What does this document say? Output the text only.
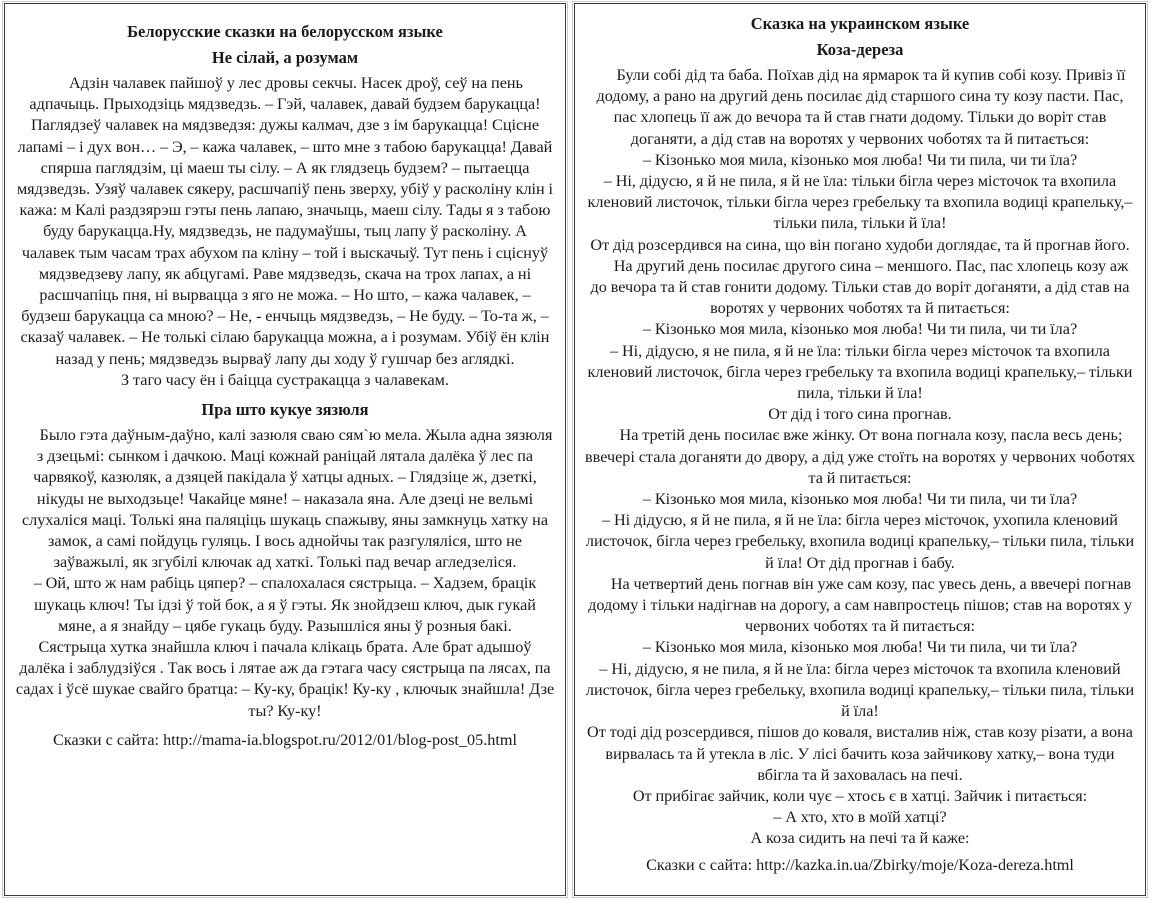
Белорусские сказки на белорусском языке
Не сілай, а розумам

Адзін чалавек пайшоў у лес дровы секчы. Насек дроў, сеў на пень адпачыць. Прыходзіць мядзведзь. – Гэй, чалавек, давай будзем барукацца! Паглядзеў чалавек на мядзведзя: дужы калмач, дзе з ім барукацца! Сціснe лапамі – і дух вон… – Э, – кажа чалавек, – што мне з табою барукацца! Давай спярша паглядзім, ці маеш ты сілу. – А як глядзець будзем? – пытаецца мядзведзь. Узяў чалавек сякеру, расшчапіў пень зверху, убіў у расколіну клін і кажа: м Калі раздзярэш гэты пень лапаю, значыць, маеш сілу. Тады я з табою буду барукацца.Ну, мядзведзь, не падумаўшы, тыц лапу ў расколіну. А чалавек тым часам трах абухом па кліну – той і выскачыў. Тут пень і сціснуў мядзведзеву лапу, як абцугамі. Раве мядзведзь, скача на трох лапах, а ні расшчапіць пня, ні вырвацца з яго не можа. – Но што, – кажа чалавек, – будзеш барукацца са мною? – Не, - енчыць мядзведзь, – Не буду. – То-та ж, – сказаў чалавек. – Не толькі сілаю барукацца можна, а і розумам. Убіў ён клін назад у пень; мядзведзь вырваў лапу ды ходу ў гушчар без аглядкі.

З таго часу ён і баіцца сустракацца з чалавекам.

Пра што кукуе зязюля

Было гэта даўным-даўно, калі зазюля сваю сям`ю мела. Жыла адна зязюля з дзецьмі: сынком і дачкою. Маці кожнай раніцай лятала далёка ў лес па чарвякоў, казюляк, а дзяцей пакідала ў хатцы адных. – Глядзіце ж, дзеткі, нікуды не выходзьце! Чакайце мяне! – наказала яна. Але дзеці не вельмі слухаліся маці. Толькі яна паляціць шукаць спажыву, яны замкнуць хатку на замок, а самі пойдуць гуляць. І вось аднойчы так разгуляліся, што не заўважылі, як згубілі ключак ад хаткі. Толькі пад вечар агледзеліся.

– Ой, што ж нам рабіць цяпер? – спалохалася сястрыца. – Хадзем, брацік шукаць ключ! Ты ідзі ў той бок, а я ў гэты. Як знойдзеш ключ, дык гукай мяне, а я знайду – цябе гукаць буду. Разышліся яны ў розныя бакі.

Сястрыца хутка знайшла ключ і пачала клікаць брата. Але брат адышоў далёка і заблудзіўся . Так вось і лятае аж да гэтага часу сястрыца па лясах, па садах і ўсё шукае свайго братца: – Ку-ку, брацік! Ку-ку , ключык знайшла! Дзе ты? Ку-ку!

Сказки с сайта: http://mama-ia.blogspot.ru/2012/01/blog-post_05.html

Сказка на украинском языке
Коза-дереза

Були собі дід та баба. Поїхав дід на ярмарок та й купив собі козу. Привіз її додому, а рано на другий день посилає дід старшого сина ту козу пасти. Пас, пас хлопець її аж до вечора та й став гнати додому. Тільки до воріт став доганяти, а дід став на воротях у червоних чоботях та й питається:

– Кізонько моя мила, кізонько моя люба! Чи ти пила, чи ти їла?

– Ні, дідусю, я й не пила, я й не їла: тільки бігла через місточок та вхопила кленовий листочок, тільки бігла через гребельку та вхопила водиці крапельку,– тільки пила, тільки й їла!

От дід розсердився на сина, що він погано худоби доглядає, та й прогнав його.

На другий день посилає другого сина – меншого. Пас, пас хлопець козу аж до вечора та й став гонити додому. Тільки став до воріт доганяти, а дід став на воротях у червоних чоботях та й питається:

– Кізонько моя мила, кізонько моя люба! Чи ти пила, чи ти їла?

– Ні, дідусю, я не пила, я й не їла: тільки бігла через місточок та вхопила кленовий листочок, бігла через гребельку та вхопила водиці крапельку,– тільки пила, тільки й їла!

От дід і того сина прогнав.

На третій день посилає вже жінку. От вона погнала козу, пасла весь день; ввечері стала доганяти до двору, а дід уже стоїть на воротях у червоних чоботях та й питається:

– Кізонько моя мила, кізонько моя люба! Чи ти пила, чи ти їла?

– Ні дідусю, я й не пила, я й не їла: бігла через місточок, ухопила кленовий листочок, бігла через гребельку, вхопила водиці крапельку,– тільки пила, тільки й їла! От дід прогнав і бабу.

На четвертий день погнав він уже сам козу, пас увесь день, а ввечері погнав додому і тільки надігнав на дорогу, а сам навпростець пішов; став на воротях у червоних чоботях та й питається:

– Кізонько моя мила, кізонько моя люба! Чи ти пила, чи ти їла?

– Ні, дідусю, я не пила, я й не їла: бігла через місточок та вхопила кленовий листочок, бігла через гребельку, вхопила водиці крапельку,– тільки пила, тільки й їла!

От тоді дід розсердився, пішов до коваля, висталив ніж, став козу різати, а вона вирвалась та й утекла в ліс. У лісі бачить коза зайчикову хатку,– вона туди вбігла та й заховалась на печі.

От прибігає зайчик, коли чує – хтось є в хатці. Зайчик і питається:

– А хто, хто в моїй хатці?

А коза сидить на печі та й каже:

Сказки с сайта: http://kazka.in.ua/Zbirky/moje/Koza-dereza.html
